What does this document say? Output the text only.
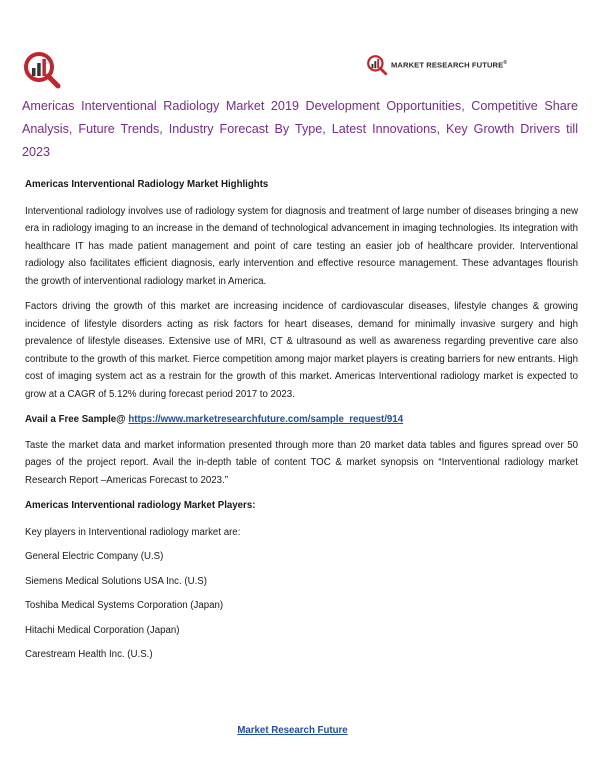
MARKET RESEARCH FUTURE®
Americas Interventional Radiology Market 2019 Development Opportunities, Competitive Share Analysis, Future Trends, Industry Forecast By Type, Latest Innovations, Key Growth Drivers till 2023

Americas Interventional Radiology Market Highlights

Interventional radiology involves use of radiology system for diagnosis and treatment of large number of diseases bringing a new era in radiology imaging to an increase in the demand of technological advancement in imaging technologies. Its integration with healthcare IT has made patient management and point of care testing an easier job of healthcare provider. Interventional radiology also facilitates efficient diagnosis, early intervention and effective resource management. These advantages flourish the growth of interventional radiology market in America.

Factors driving the growth of this market are increasing incidence of cardiovascular diseases, lifestyle changes & growing incidence of lifestyle disorders acting as risk factors for heart diseases, demand for minimally invasive surgery and high prevalence of lifestyle diseases. Extensive use of MRI, CT & ultrasound as well as awareness regarding preventive care also contribute to the growth of this market. Fierce competition among major market players is creating barriers for new entrants. High cost of imaging system act as a restrain for the growth of this market. Americas Interventional radiology market is expected to grow at a CAGR of 5.12% during forecast period 2017 to 2023.

Avail a Free Sample@ https://www.marketresearchfuture.com/sample_request/914

Taste the market data and market information presented through more than 20 market data tables and figures spread over 50 pages of the project report. Avail the in-depth table of content TOC & market synopsis on “Interventional radiology market Research Report –Americas Forecast to 2023.”

Americas Interventional radiology Market Players:

Key players in Interventional radiology market are:

General Electric Company (U.S)

Siemens Medical Solutions USA Inc. (U.S)

Toshiba Medical Systems Corporation (Japan)

Hitachi Medical Corporation (Japan)

Carestream Health Inc. (U.S.)

Market Research Future
